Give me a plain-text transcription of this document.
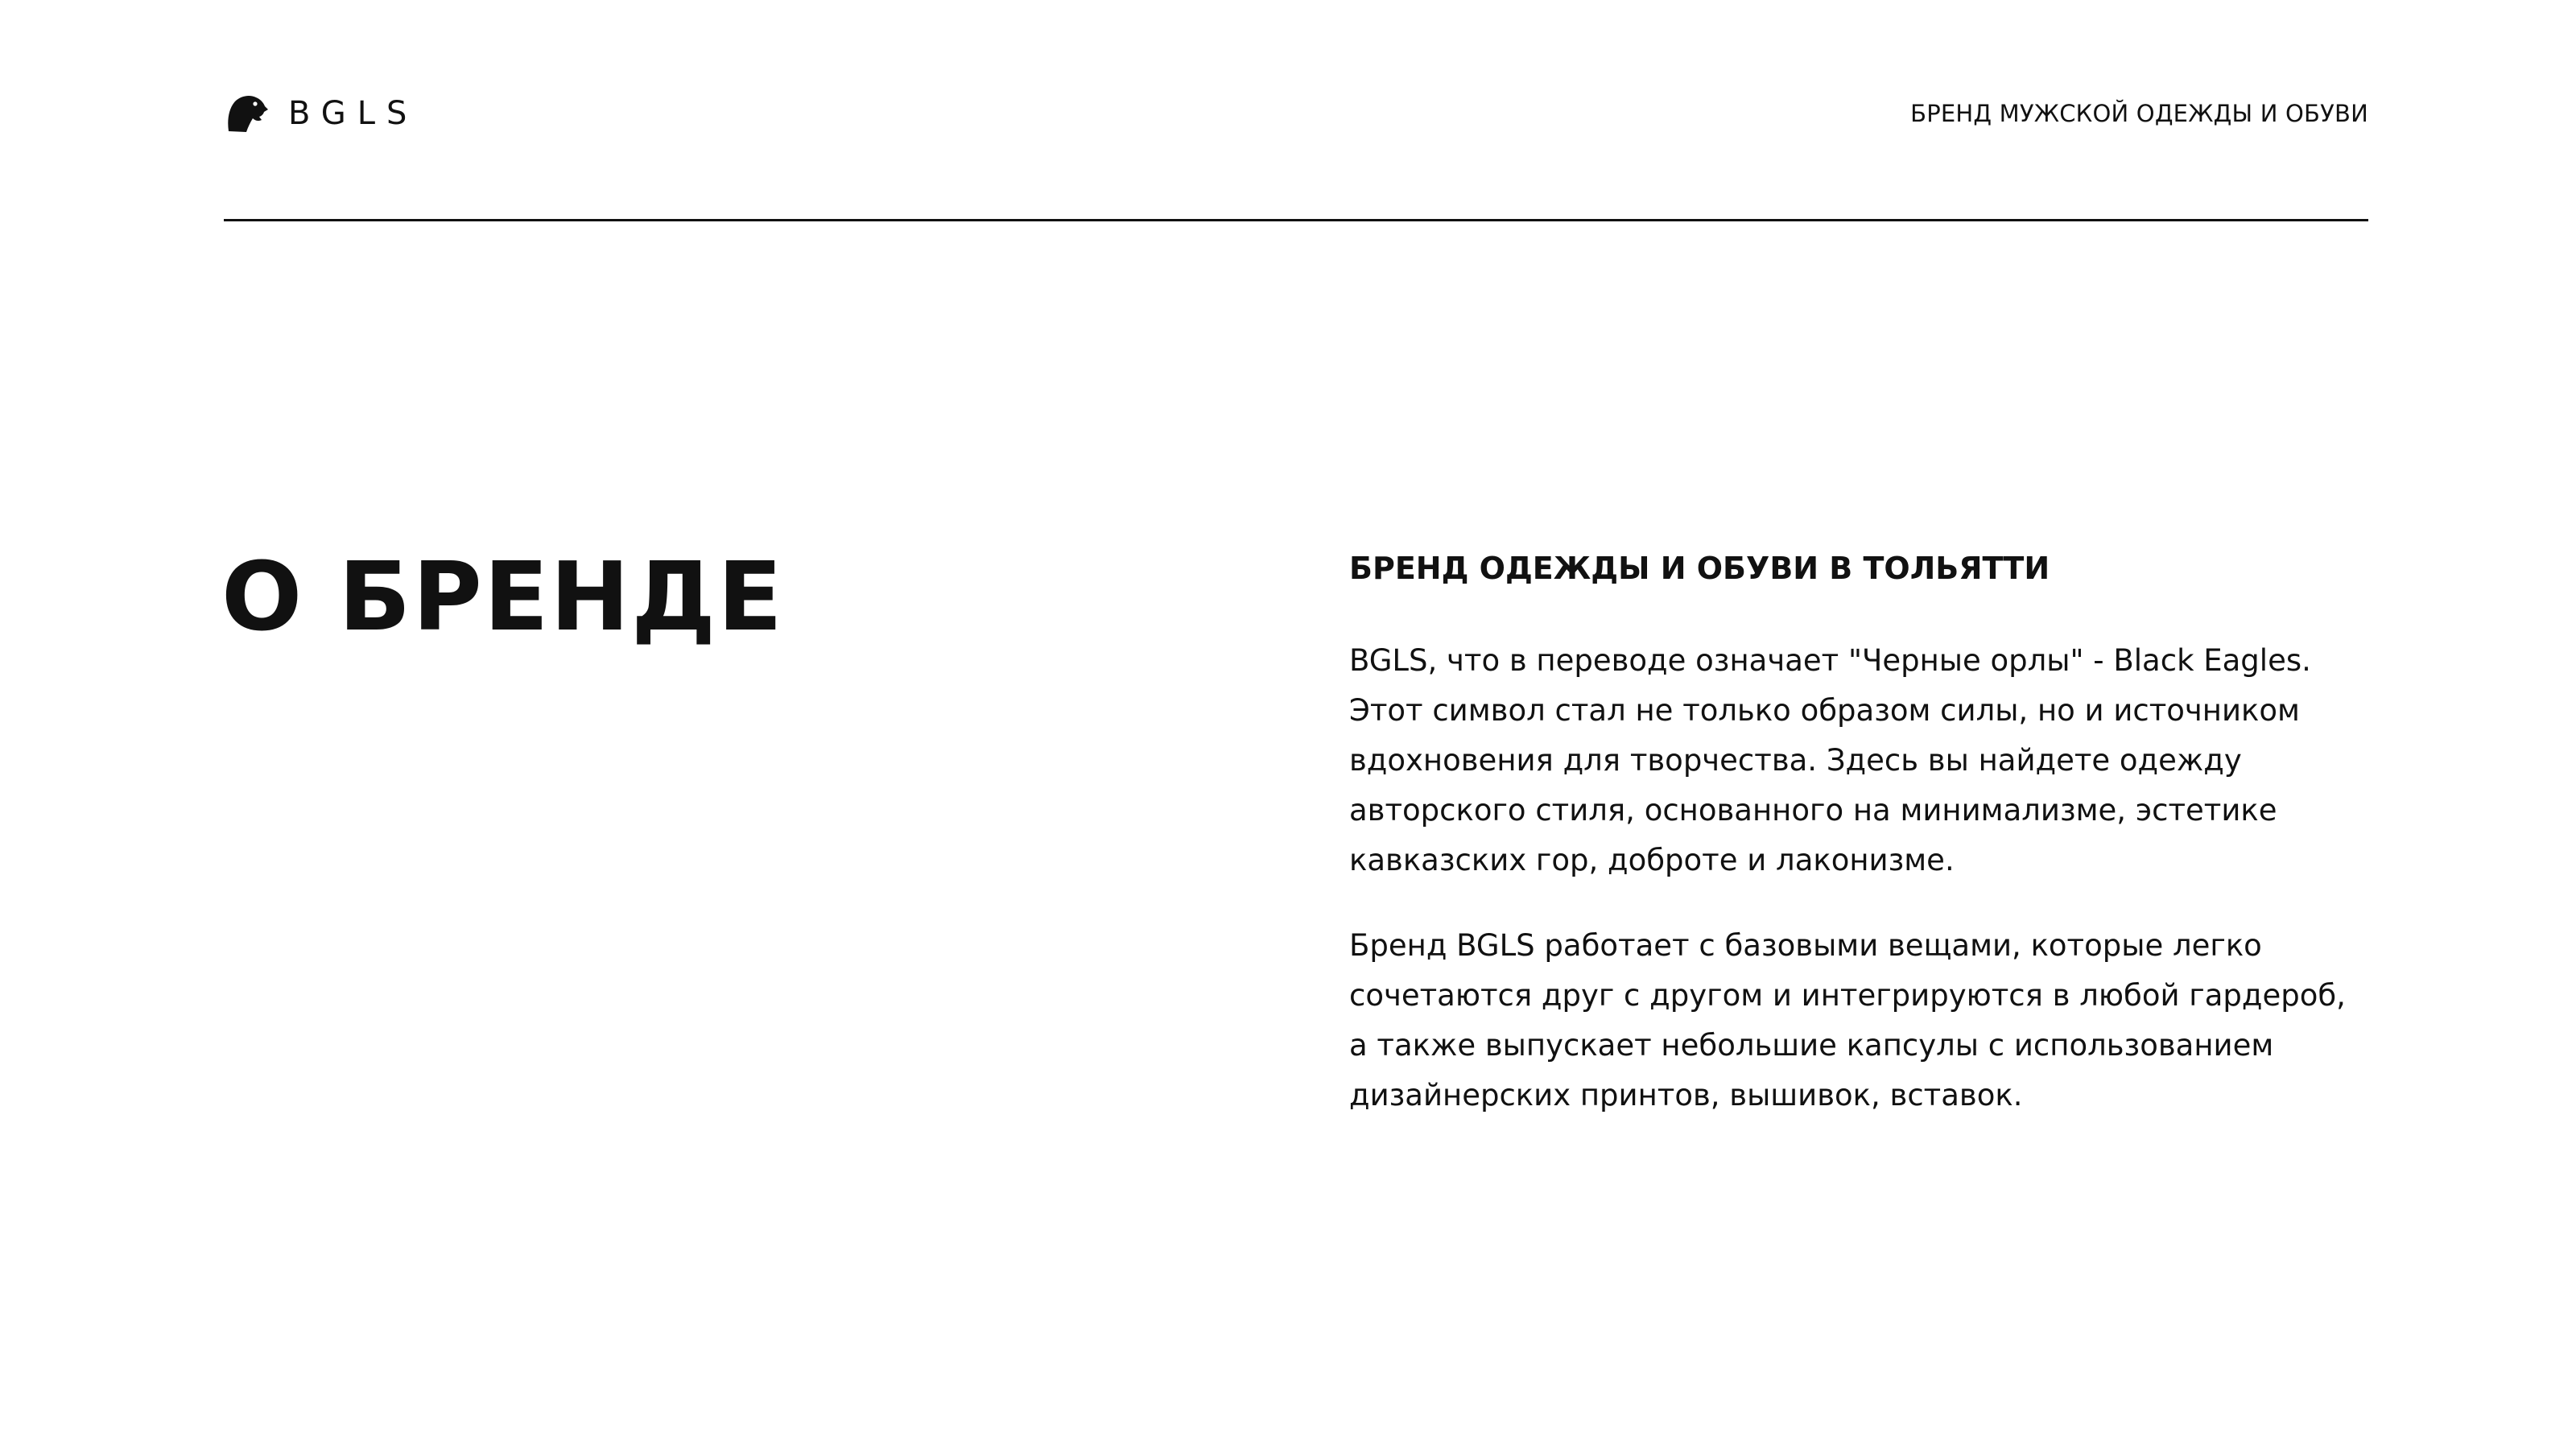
BGLS	БРЕНД МУЖСКОЙ ОДЕЖДЫ И ОБУВИ
О БРЕНДЕ	БРЕНД ОДЕЖДЫ И ОБУВИ В ТОЛЬЯТТИ

BGLS, что в переводе означает "Черные орлы" - Black Eagles.
Этот символ стал не только образом силы, но и источником
вдохновения для творчества. Здесь вы найдете одежду
авторского стиля, основанного на минимализме, эстетике
кавказских гор, доброте и лаконизме.

Бренд BGLS работает с базовыми вещами, которые легко
сочетаются друг с другом и интегрируются в любой гардероб,
а также выпускает небольшие капсулы с использованием
дизайнерских принтов, вышивок, вставок.
